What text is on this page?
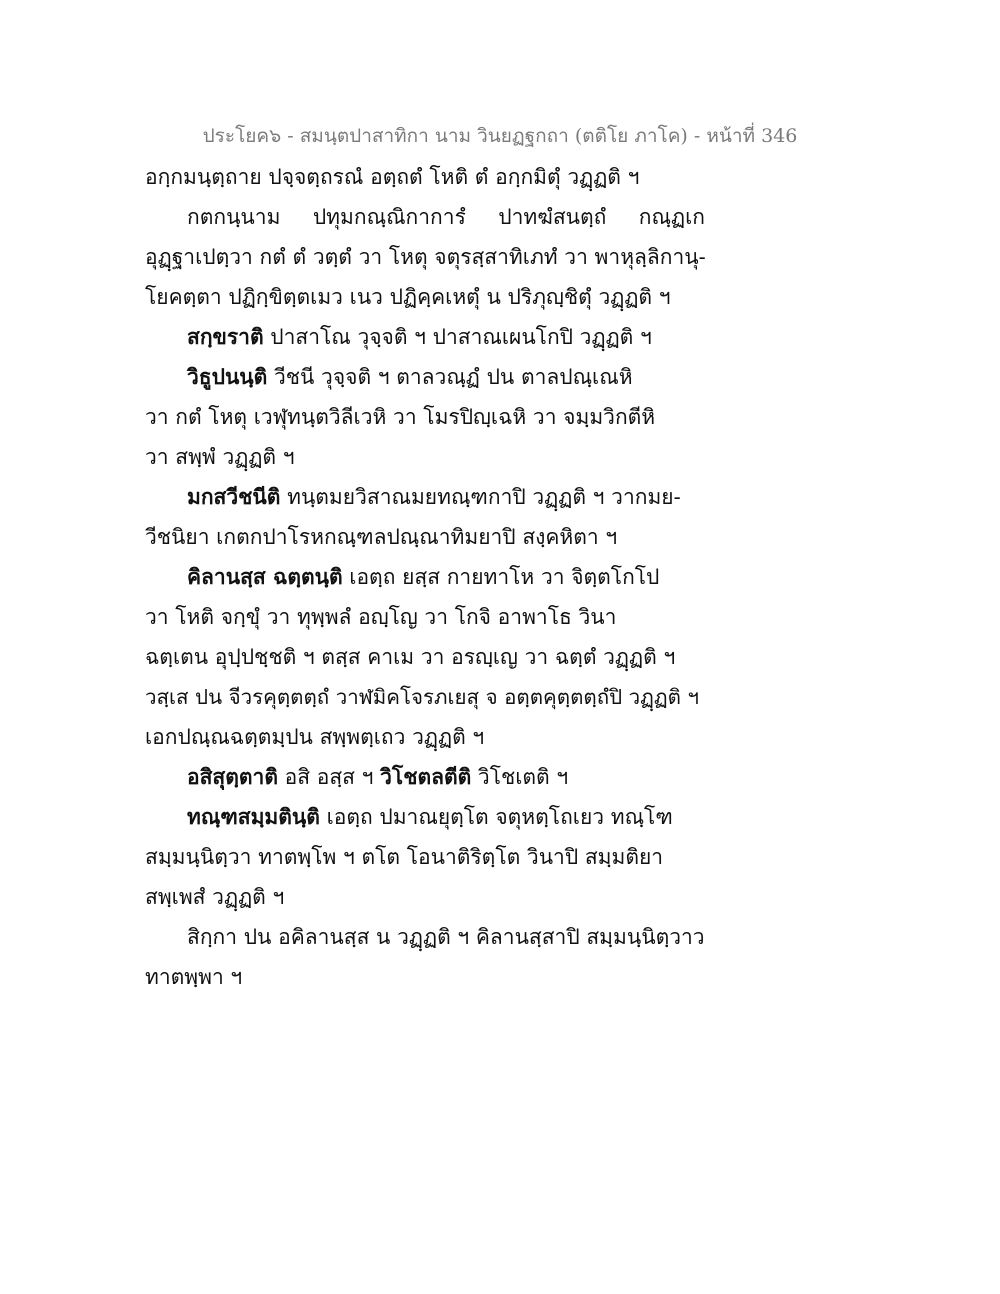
ประโยค๖ - สมนฺตปาสาทิกา นาม วินยฏฐกถา (ตติโย ภาโค) - หน้าที่ 346
อกฺกมนฺตฺถาย ปจฺจตฺถรณํ อตฺถตํ โหติ ตํ อกฺกมิตุํ วฏฺฏติ ฯ
กตกนฺนาม ปทุมกณฺณิกาการํ ปาทฆํสนตฺถํ กณฺฏเก
อุฏฺฐาเปตฺวา กตํ ตํ วตฺตํ วา โหตุ จตุรสฺสาทิเภทํ วา พาหุลฺลิกานุ-
โยคตฺตา ปฏิกฺขิตฺตเมว เนว ปฏิคฺคเหตุํ น ปริภุญฺชิตุํ วฏฺฏติ ฯ
สกฺขราติ ปาสาโณ วุจฺจติ ฯ ปาสาณเผนโกปิ วฏฺฏติ ฯ
วิธูปนนฺติ วีชนี วุจฺจติ ฯ ตาลวณฺฏํ ปน ตาลปณฺเณหิ
วา กตํ โหตุ เวฬุทนฺตวิลีเวหิ วา โมรปิญฺเฉหิ วา จมฺมวิกตีหิ
วา สพฺพํ วฏฺฏติ ฯ
มกสวีชนีติ ทนฺตมยวิสาณมยทณฺฑกาปิ วฏฺฏติ ฯ วากมย-
วีชนิยา เกตกปาโรหกณฺฑลปณฺณาทิมยาปิ สงฺคหิตา ฯ
คิลานสฺส ฉตฺตนฺติ เอตฺถ ยสฺส กายทาโห วา จิตฺตโกโป
วา โหติ จกฺขุํ วา ทุพฺพลํ อญฺโญ วา โกจิ อาพาโธ วินา
ฉตฺเตน อุปฺปชฺชติ ฯ ตสฺส คาเม วา อรญฺเญ วา ฉตฺตํ วฏฺฏติ ฯ
วสฺเส ปน จีวรคุตฺตตฺถํ วาฬมิคโจรภเยสุ จ อตฺตคุตฺตตฺถํปิ วฏฺฏติ ฯ
เอกปณฺณฉตฺตมฺปน สพฺพตฺเถว วฏฺฏติ ฯ
อสิสุตฺตาติ อสิ อสฺส ฯ วิโชตลตีติ วิโชเตติ ฯ
ทณฺฑสมฺมตินฺติ เอตฺถ ปมาณยุตฺโต จตุหตฺโถเยว ทณฺโฑ
สมฺมนฺนิตฺวา ทาตพฺโพ ฯ ตโต โอนาติริตฺโต วินาปิ สมฺมติยา
สพฺเพสํ วฏฺฏติ ฯ
สิกฺกา ปน อคิลานสฺส น วฏฺฏติ ฯ คิลานสฺสาปิ สมฺมนฺนิตฺวาว
ทาตพฺพา ฯ
